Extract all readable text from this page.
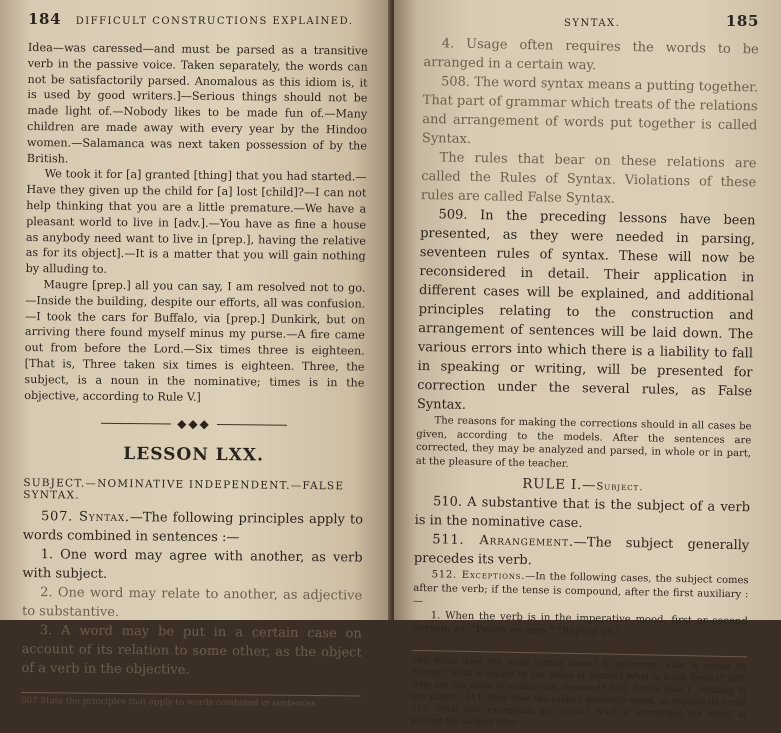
184 DIFFICULT CONSTRUCTIONS EXPLAINED.

Idea—was caressed—and must be parsed as a transitive verb in the passive voice. Taken separately, the words can not be satisfactorily parsed. Anomalous as this idiom is, it is used by good writers.]—Serious things should not be made light of.—Nobody likes to be made fun of.—Many children are made away with every year by the Hindoo women.—Salamanca was next taken possession of by the British.

We took it for [a] granted [thing] that you had started.—Have they given up the child for [a] lost [child]?—I can not help thinking that you are a little premature.—We have a pleasant world to live in [adv.].—You have as fine a house as anybody need want to live in [prep.], having the relative as for its object].—It is a matter that you will gain nothing by alluding to.

Maugre [prep.] all you can say, I am resolved not to go.—Inside the building, despite our efforts, all was confusion.—I took the cars for Buffalo, via [prep.] Dunkirk, but on arriving there found myself minus my purse.—A fire came out from before the Lord.—Six times three is eighteen. [That is, Three taken six times is eighteen. Three, the subject, is a noun in the nominative; times is in the objective, according to Rule V.]

◆◆◆
LESSON LXX.
SUBJECT.—NOMINATIVE INDEPENDENT.—FALSE SYNTAX.

507. Syntax.—The following principles apply to words combined in sentences :—

1. One word may agree with another, as verb with subject.

2. One word may relate to another, as adjective to substantive.

3. A word may be put in a certain case on account of its relation to some other, as the object of a verb in the objective.

507 State the principles that apply to words combined in sentences.
SYNTAX.	185

4. Usage often requires the words to be arranged in a certain way.

508. The word syntax means a putting together. That part of grammar which treats of the relations and arrangement of words put together is called Syntax.

The rules that bear on these relations are called the Rules of Syntax. Violations of these rules are called False Syntax.

509. In the preceding lessons have been presented, as they were needed in parsing, seventeen rules of syntax. These will now be reconsidered in detail. Their application in different cases will be explained, and additional principles relating to the construction and arrangement of sentences will be laid down. The various errors into which there is a liability to fall in speaking or writing, will be presented for correction under the several rules, as False Syntax.

The reasons for making the corrections should in all cases be given, according to the models. After the sentences are corrected, they may be analyzed and parsed, in whole or in part, at the pleasure of the teacher.

RULE I.—Subject.

510. A substantive that is the subject of a verb is in the nominative case.

511. Arrangement.—The subject generally precedes its verb.

512. Exceptions.—In the following cases, the subject comes after the verb; if the tense is compound, after the first auxiliary :—

1. When the verb is in the imperative mood, first or second person; as, "Pause we now." "Repent ye."

508 What does the word syntax mean? In grammar, what is meant by Syntax? What is meant by the Rules of Syntax? What is False Syntax? 509. Why are the rules of syntax now repeated? 510. Recite Rule I., relating to the subject. 511. How does the subject generally stand, as regards its verb? 512. What four exceptions are noted? What is sometimes the effect of placing the subject after
